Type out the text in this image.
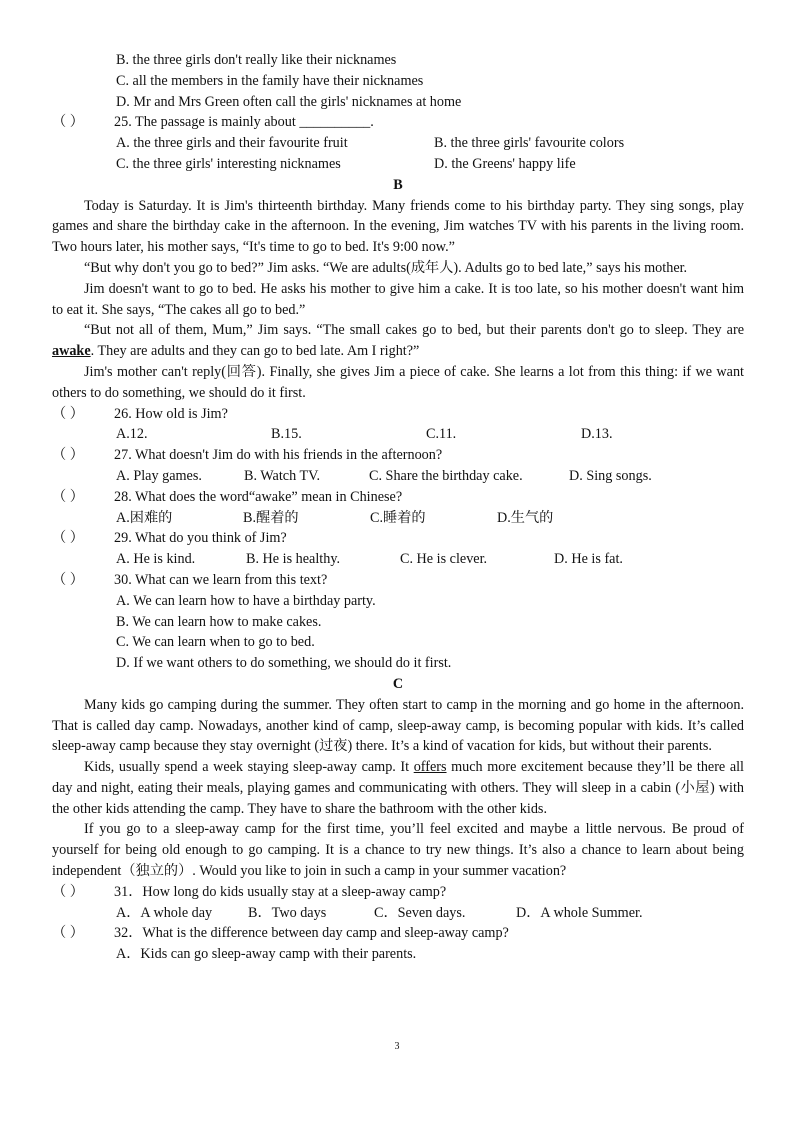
B. the three girls don't really like their nicknames
C. all the members in the family have their nicknames
D. Mr and Mrs Green often call the girls' nicknames at home
（ ） 25. The passage is mainly about __________.
A. the three girls and their favourite fruit	B. the three girls' favourite colors
C. the three girls' interesting nicknames	D. the Greens' happy life
B
Today is Saturday. It is Jim's thirteenth birthday. Many friends come to his birthday party. They sing songs, play games and share the birthday cake in the afternoon. In the evening, Jim watches TV with his parents in the living room. Two hours later, his mother says, “It's time to go to bed. It's 9:00 now.”
“But why don't you go to bed?” Jim asks. “We are adults(成年人). Adults go to bed late,” says his mother.
Jim doesn't want to go to bed. He asks his mother to give him a cake. It is too late, so his mother doesn't want him to eat it. She says, “The cakes all go to bed.”
“But not all of them, Mum,” Jim says. “The small cakes go to bed, but their parents don't go to sleep. They are awake. They are adults and they can go to bed late. Am I right?”
Jim's mother can't reply(回答). Finally, she gives Jim a piece of cake. She learns a lot from this thing: if we want others to do something, we should do it first.
（ ） 26. How old is Jim?
A.12.	B.15.	C.11.	D.13.
（ ） 27. What doesn't Jim do with his friends in the afternoon?
A. Play games.	B. Watch TV.	C. Share the birthday cake.	D. Sing songs.
（ ） 28. What does the word“awake” mean in Chinese?
A.困难的	B.醒着的	C.睡着的	D.生气的
（ ） 29. What do you think of Jim?
A. He is kind.	B. He is healthy.	C. He is clever.	D. He is fat.
（ ） 30. What can we learn from this text?
A. We can learn how to have a birthday party.
B. We can learn how to make cakes.
C. We can learn when to go to bed.
D. If we want others to do something, we should do it first.
C
Many kids go camping during the summer. They often start to camp in the morning and go home in the afternoon. That is called day camp. Nowadays, another kind of camp, sleep-away camp, is becoming popular with kids. It’s called sleep-away camp because they stay overnight (过夜) there. It’s a kind of vacation for kids, but without their parents.
Kids, usually spend a week staying sleep-away camp. It offers much more excitement because they’ll be there all day and night, eating their meals, playing games and communicating with others. They will sleep in a cabin (小屋) with the other kids attending the camp. They have to share the bathroom with the other kids.
If you go to a sleep-away camp for the first time, you’ll feel excited and maybe a little nervous. Be proud of yourself for being old enough to go camping. It is a chance to try new things. It’s also a chance to learn about being independent（独立的）. Would you like to join in such a camp in your summer vacation?
（ ） 31．How long do kids usually stay at a sleep-away camp?
A．A whole day	B．Two days	C．Seven days.	D．A whole Summer.
（ ） 32．What is the difference between day camp and sleep-away camp?
A．Kids can go sleep-away camp with their parents.
3
